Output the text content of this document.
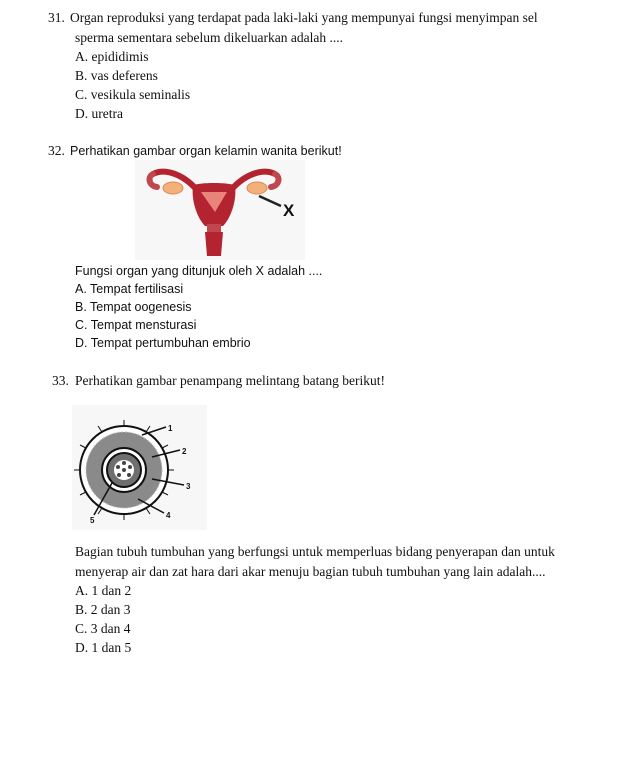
31. Organ reproduksi yang terdapat pada laki-laki yang mempunyai fungsi menyimpan sel
sperma sementara sebelum dikeluarkan adalah ....
A. epididimis
B. vas deferens
C. vesikula seminalis
D. uretra
32. Perhatikan gambar organ kelamin wanita berikut!
X
Fungsi organ yang ditunjuk oleh X adalah ....
A. Tempat fertilisasi
B. Tempat oogenesis
C. Tempat mensturasi
D. Tempat pertumbuhan embrio
33. Perhatikan gambar penampang melintang batang berikut!
1
2
3
4
5
Bagian tubuh tumbuhan yang berfungsi untuk memperluas bidang penyerapan dan untuk
menyerap air dan zat hara dari akar menuju bagian tubuh tumbuhan yang lain adalah....
A. 1 dan 2
B. 2 dan 3
C. 3 dan 4
D. 1 dan 5
